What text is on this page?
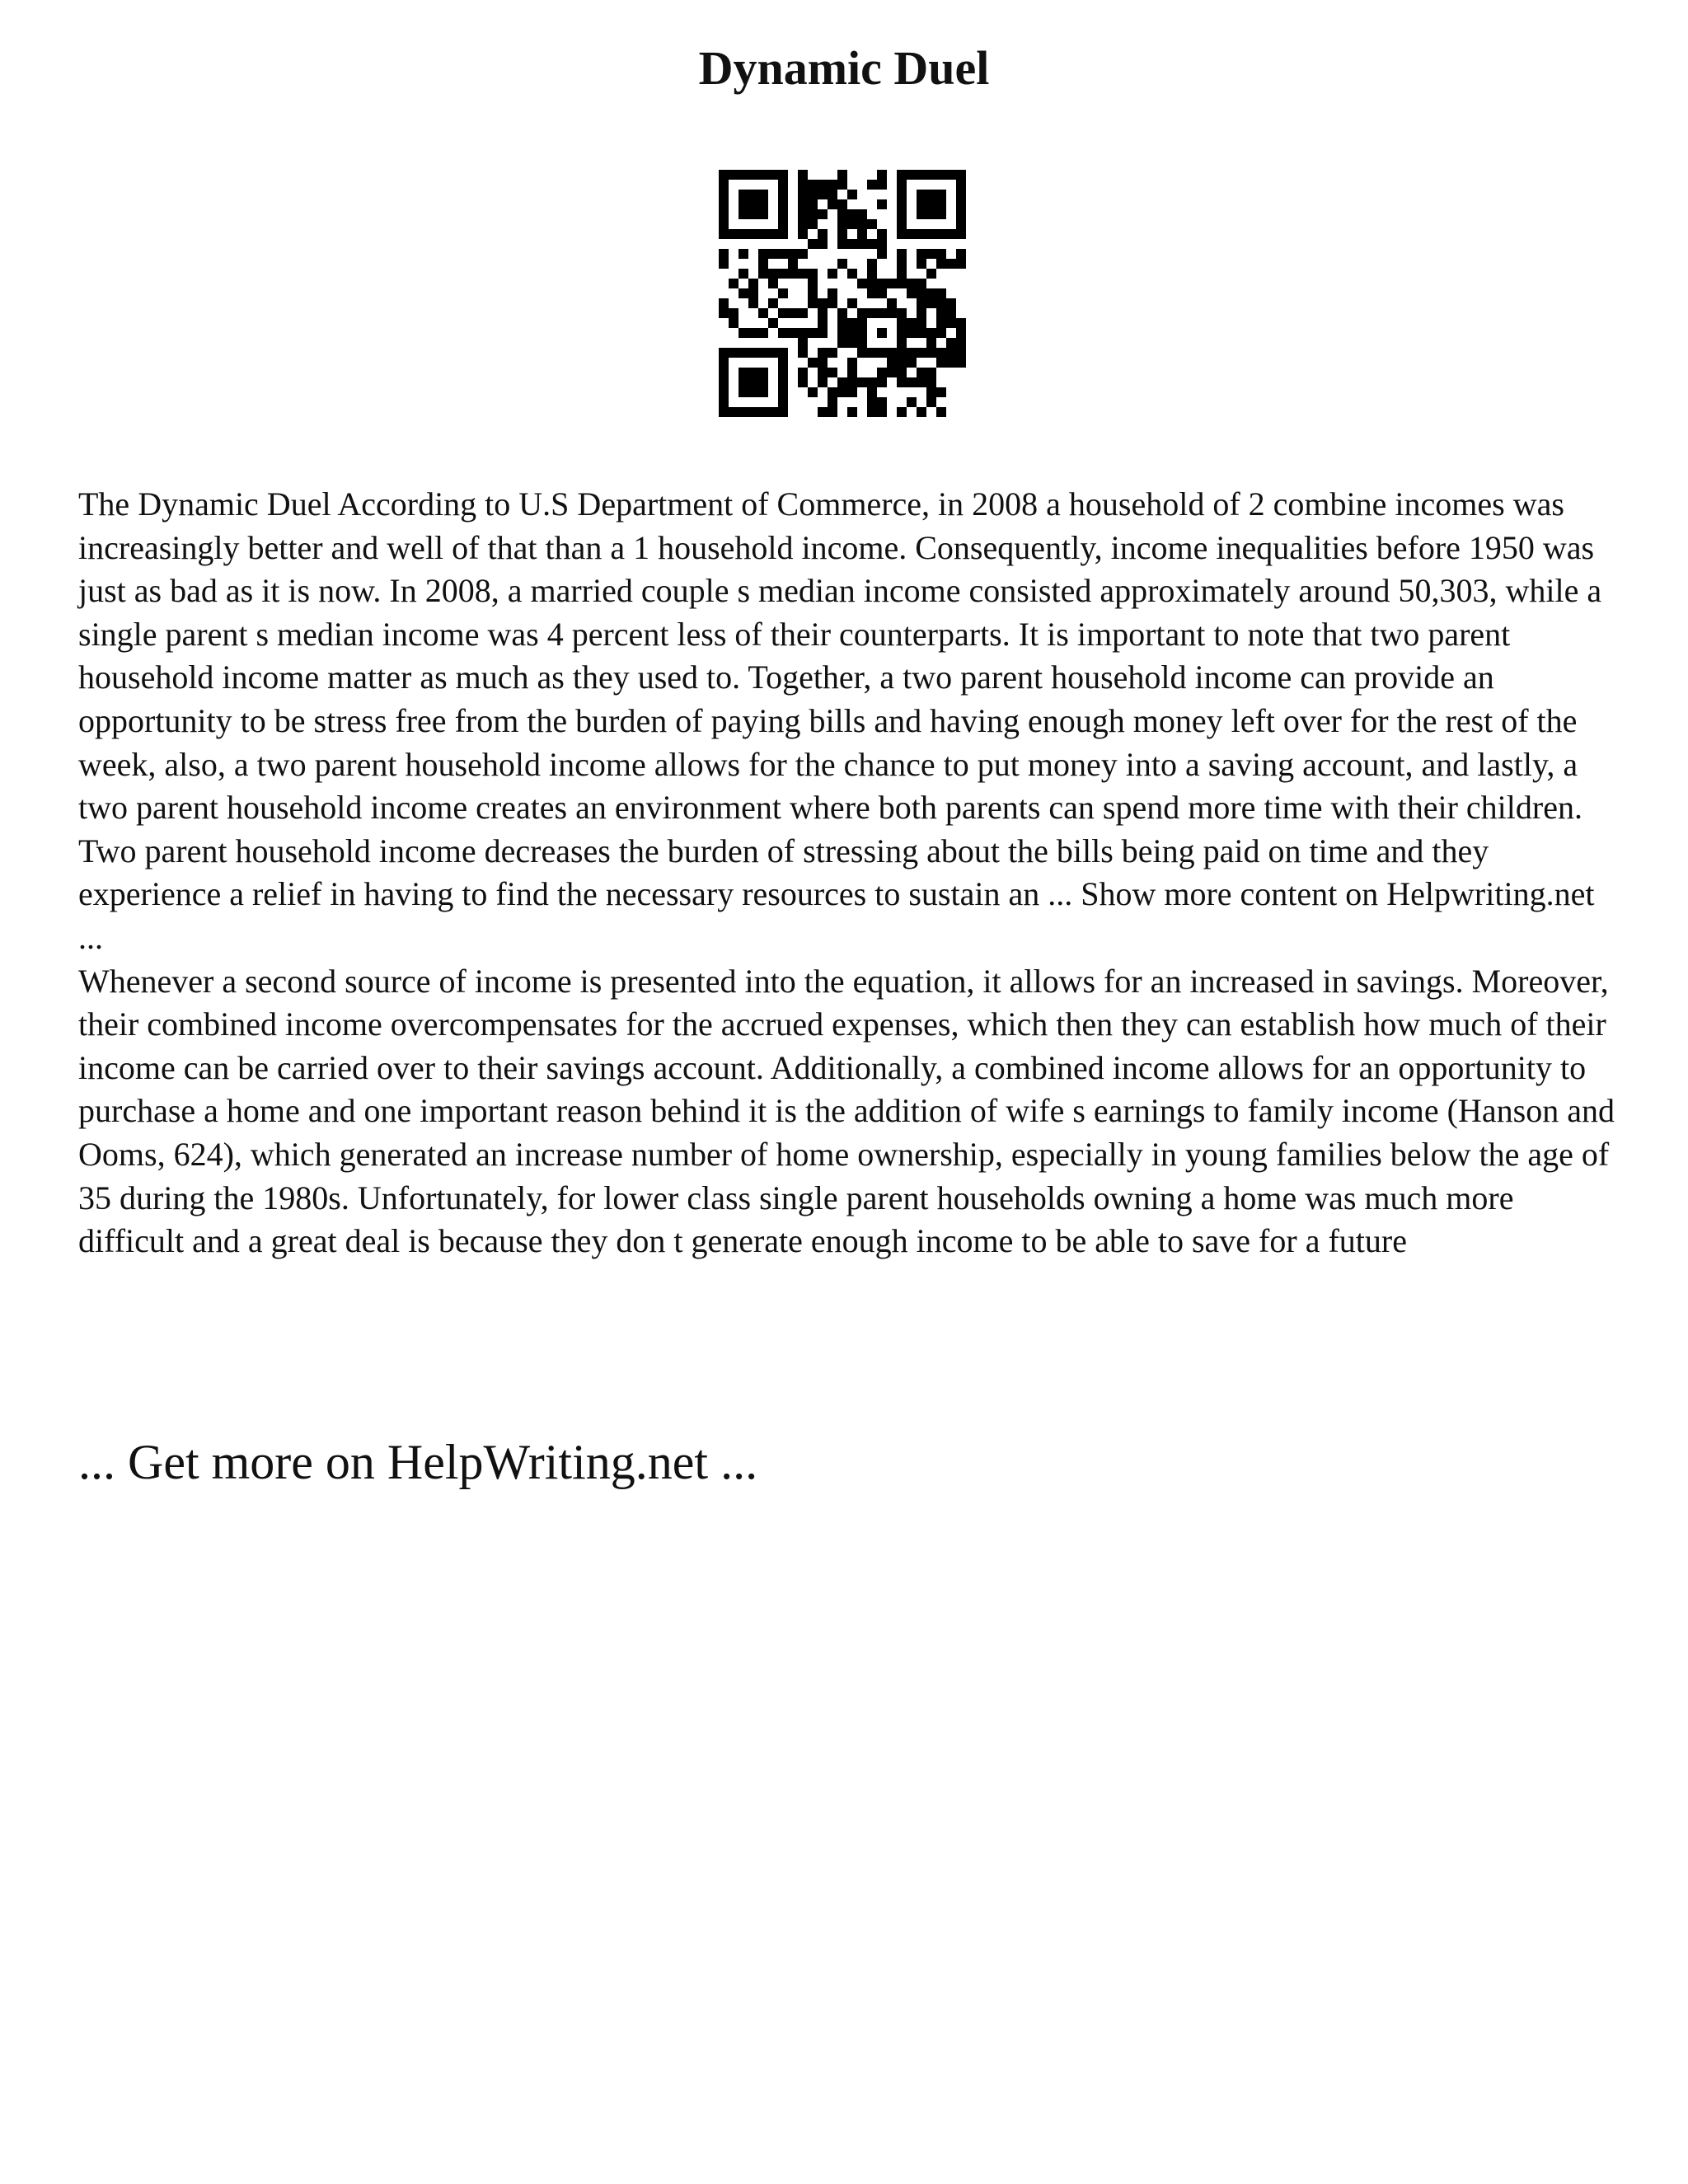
Dynamic Duel

The Dynamic Duel According to U.S Department of Commerce, in 2008 a household of 2 combine incomes was increasingly better and well of that than a 1 household income. Consequently, income inequalities before 1950 was just as bad as it is now. In 2008, a married couple s median income consisted approximately around 50,303, while a single parent s median income was 4 percent less of their counterparts. It is important to note that two parent household income matter as much as they used to. Together, a two parent household income can provide an opportunity to be stress free from the burden of paying bills and having enough money left over for the rest of the week, also, a two parent household income allows for the chance to put money into a saving account, and lastly, a two parent household income creates an environment where both parents can spend more time with their children. Two parent household income decreases the burden of stressing about the bills being paid on time and they experience a relief in having to find the necessary resources to sustain an ... Show more content on Helpwriting.net ...

Whenever a second source of income is presented into the equation, it allows for an increased in savings. Moreover, their combined income overcompensates for the accrued expenses, which then they can establish how much of their income can be carried over to their savings account. Additionally, a combined income allows for an opportunity to purchase a home and one important reason behind it is the addition of wife s earnings to family income (Hanson and Ooms, 624), which generated an increase number of home ownership, especially in young families below the age of 35 during the 1980s. Unfortunately, for lower class single parent households owning a home was much more difficult and a great deal is because they don t generate enough income to be able to save for a future

... Get more on HelpWriting.net ...
